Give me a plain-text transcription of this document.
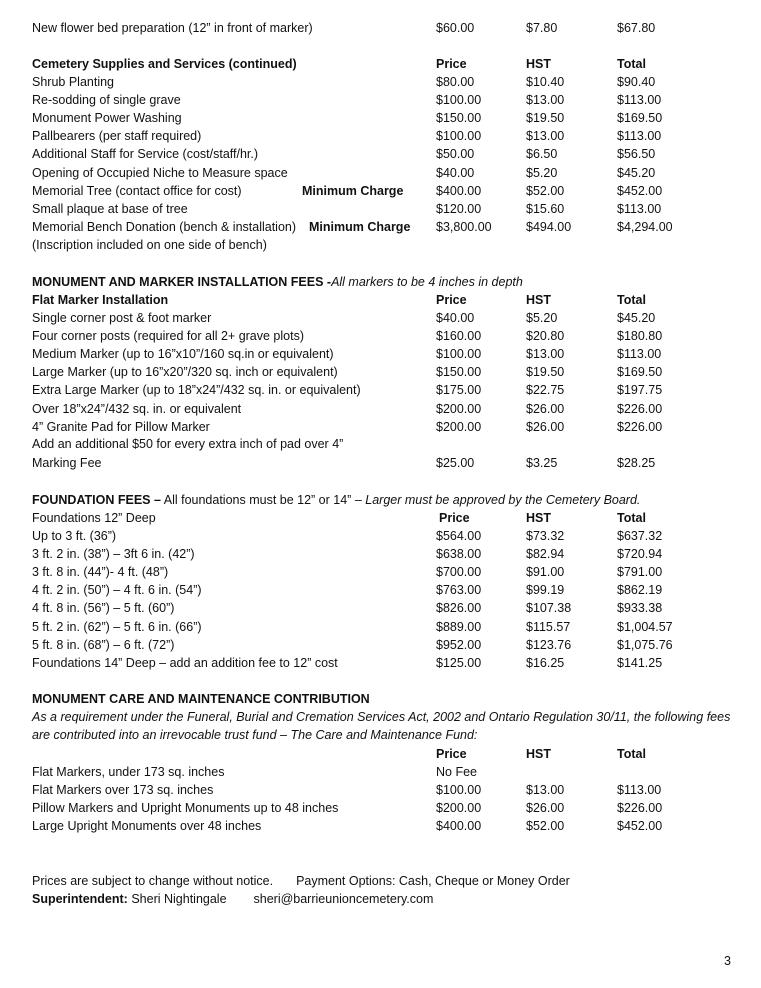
New flower bed preparation (12” in front of marker)	$60.00	$7.80	$67.80
Cemetery Supplies and Services (continued)	Price	HST	Total
Shrub Planting	$80.00	$10.40	$90.40
Re-sodding of single grave	$100.00	$13.00	$113.00
Monument Power Washing	$150.00	$19.50	$169.50
Pallbearers (per staff required)	$100.00	$13.00	$113.00
Additional Staff for Service (cost/staff/hr.)	$50.00	$6.50	$56.50
Opening of Occupied Niche to Measure space	$40.00	$5.20	$45.20
Memorial Tree (contact office for cost)	Minimum Charge	$400.00	$52.00	$452.00
Small plaque at base of tree	$120.00	$15.60	$113.00
Memorial Bench Donation (bench & installation) Minimum Charge $3,800.00	$494.00	$4,294.00
(Inscription included on one side of bench)
MONUMENT AND MARKER INSTALLATION FEES -All markers to be 4 inches in depth
Flat Marker Installation	Price	HST	Total
Single corner post & foot marker	$40.00	$5.20	$45.20
Four corner posts (required for all 2+ grave plots)	$160.00	$20.80	$180.80
Medium Marker (up to 16”x10”/160 sq.in or equivalent)	$100.00	$13.00	$113.00
Large Marker (up to 16”x20”/320 sq. inch or equivalent)	$150.00	$19.50	$169.50
Extra Large Marker (up to 18”x24”/432 sq. in. or equivalent)	$175.00	$22.75	$197.75
Over 18”x24”/432 sq. in. or equivalent	$200.00	$26.00	$226.00
4” Granite Pad for Pillow Marker	$200.00	$26.00	$226.00
Add an additional $50 for every extra inch of pad over 4”
Marking Fee	$25.00	$3.25	$28.25
FOUNDATION FEES – All foundations must be 12” or 14” – Larger must be approved by the Cemetery Board.
Foundations 12” Deep	Price	HST	Total
Up to 3 ft. (36”)	$564.00	$73.32	$637.32
3 ft. 2 in. (38”) – 3ft 6 in. (42”)	$638.00	$82.94	$720.94
3 ft. 8 in. (44”)- 4 ft. (48”)	$700.00	$91.00	$791.00
4 ft. 2 in. (50”) – 4 ft. 6 in. (54”)	$763.00	$99.19	$862.19
4 ft. 8 in. (56”) – 5 ft. (60”)	$826.00	$107.38	$933.38
5 ft. 2 in. (62”) – 5 ft. 6 in. (66”)	$889.00	$115.57	$1,004.57
5 ft. 8 in. (68”) – 6 ft. (72”)	$952.00	$123.76	$1,075.76
Foundations 14” Deep – add an addition fee to 12” cost	$125.00	$16.25	$141.25
MONUMENT CARE AND MAINTENANCE CONTRIBUTION
As a requirement under the Funeral, Burial and Cremation Services Act, 2002 and Ontario Regulation 30/11, the following fees
are contributed into an irrevocable trust fund – The Care and Maintenance Fund:
Price	HST	Total
Flat Markers, under 173 sq. inches	No Fee
Flat Markers over 173 sq. inches	$100.00	$13.00	$113.00
Pillow Markers and Upright Monuments up to 48 inches	$200.00	$26.00	$226.00
Large Upright Monuments over 48 inches	$400.00	$52.00	$452.00
Prices are subject to change without notice. Payment Options: Cash, Cheque or Money Order
Superintendent: Sheri Nightingale sheri@barrieunioncemetery.com
3
